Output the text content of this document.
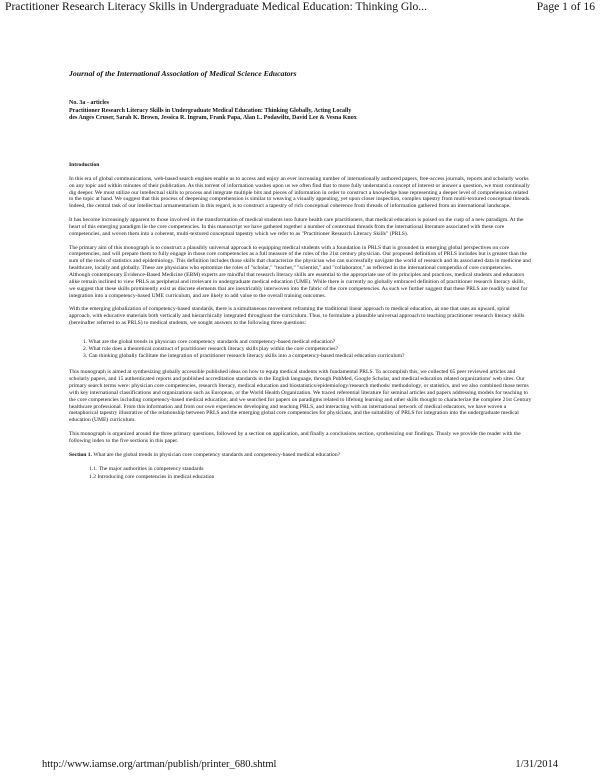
Practitioner Research Literacy Skills in Undergraduate Medical Education: Thinking Glo...	Page 1 of 16
Journal of the International Association of Medical Science Educators
No. 3a - articles
Practitioner Research Literacy Skills in Undergraduate Medical Education: Thinking Globally, Acting Locally
des Anges Cruser, Sarah K. Brown, Jessica R. Ingram, Frank Papa, Alan L. Podawiltz, David Lee & Vesna Knox

Introduction

In this era of global communications, web-based search engines enable us to access and enjoy an ever increasing number of internationally authored papers, free-access journals, reports and scholarly works on any topic and within minutes of their publication. As this torrent of information washes upon us we often find that to more fully understand a concept of interest or answer a question, we must continually dig deeper. We must utilize our intellectual skills to process and integrate multiple bits and pieces of information in order to construct a knowledge base representing a deeper level of comprehension related to the topic at hand. We suggest that this process of deepening comprehension is similar to weaving a visually appealing, yet upon closer inspection, complex tapestry from multi-textured conceptual threads. Indeed, the central task of our intellectual armamentarium in this regard, is to construct a tapestry of rich conceptual coherence from threads of information gathered from an international landscape.

It has become increasingly apparent to those involved in the transformation of medical students into future health care practitioners, that medical education is poised on the cusp of a new paradigm. At the heart of this emerging paradigm lie the core competencies. In this manuscript we have gathered together a number of contextual threads from the international literature associated with these core competencies, and woven them into a coherent, multi-textured conceptual tapestry which we refer to as "Practitioner Research Literacy Skills" (PRLS).

The primary aim of this monograph is to construct a plausibly universal approach to equipping medical students with a foundation in PRLS that is grounded in emerging global perspectives on core competencies, and will prepare them to fully engage in those core competencies as a full measure of the roles of the 21st century physician. Our proposed definition of PRLS includes but is greater than the sum of the tools of statistics and epidemiology. This definition includes those skills that characterize the physician who can successfully navigate the world of research and its associated data in medicine and healthcare, locally and globally. These are physicians who epitomize the roles of "scholar," "teacher," "scientist," and "collaborator," as reflected in the international compendia of core competencies. Although contemporary Evidence-Based Medicine (EBM) experts are mindful that research literacy skills are essential to the appropriate use of its principles and practices, medical students and educators alike remain inclined to view PRLS as peripheral and irrelevant in undergraduate medical education (UME). While there is currently no globally embraced definition of practitioner research literacy skills, we suggest that these skills prominently exist as discrete elements that are inextricably interwoven into the fabric of the core competencies. As such we further suggest that these PRLS are readily suited for integration into a competency-based UME curriculum, and are likely to add value to the overall training outcomes.

With the emerging globalization of competency-based standards, there is a simultaneous movement reframing the traditional linear approach to medical education, as one that uses an upward, spiral approach, with educative materials both vertically and hierarchically integrated throughout the curriculum. Thus, to formulate a plausible universal approach to teaching practitioner research literacy skills (hereinafter referred to as PRLS) to medical students, we sought answers to the following three questions:

1. What are the global trends in physician core competency standards and competency-based medical education?
2. What role does a theoretical construct of practitioner research literacy skills play within the core competencies?
3. Can thinking globally facilitate the integration of practitioner research literacy skills into a competency-based medical education curriculum?

This monograph is aimed at synthesizing globally accessible published ideas on how to equip medical students with fundamental PRLS. To accomplish this, we collected 65 peer reviewed articles and scholarly papers, and 15 authenticated reports and published accreditation standards in the English language, through PubMed, Google Scholar, and medical education related organizations' web sites. Our primary search terms were: physician core competencies, research literacy, medical education and biostatistics/epidemiology/research methods/ methodology, or statistics, and we also combined those terms with key international classifications and organizations such as European, or the World Health Organization. We traced referential literature for seminal articles and papers addressing models for teaching to the core competencies including competency-based medical education; and we searched for papers on paradigms related to lifelong learning and other skills thought to characterize the complete 21st Century healthcare professional. From this information and from our own experiences developing and teaching PRLS, and interacting with an international network of medical educators, we have woven a metaphorical tapestry illustrative of the relationship between PRLS and the emerging global core competencies for physicians, and the suitability of PRLS for integration into the undergraduate medical education (UME) curriculum.

This monograph is organized around the three primary questions, followed by a section on application, and finally a conclusions section, synthesizing our findings. Thusly we provide the reader with the following index to the five sections in this paper.

Section 1. What are the global trends in physician core competency standards and competency-based medical education?

1.1. The major authorities in competency standards
1.2 Introducing core competencies in medical education
http://www.iamse.org/artman/publish/printer_680.shtml	1/31/2014
